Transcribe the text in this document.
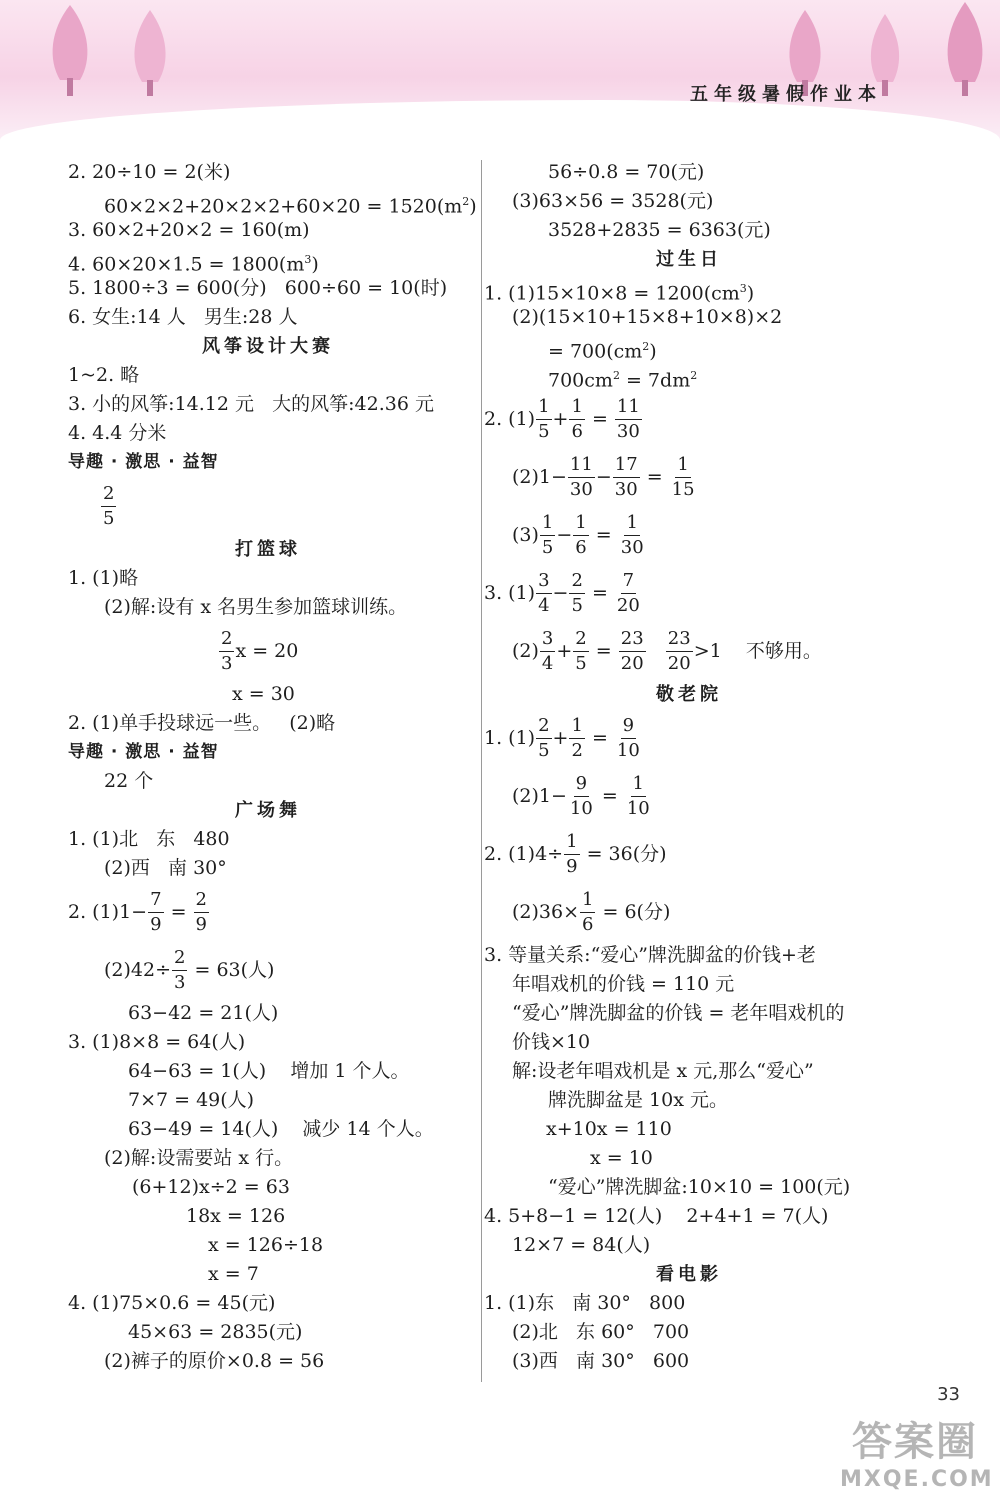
五年级暑假作业本
2. 20÷10 = 2(米)
$60\times 2\times 2+20\times 2\times 2+60\times 20 = 1520(m^2)$
3. 60×2+20×2 = 160(m)
4. $60\times 20\times 1.5 = 1800(m^3)$
5. 1800÷3 = 600(分)   600÷60 = 10(时)
6. 女生:14 人   男生:28 人
风筝设计大赛
1~2. 略
3. 小的风筝:14.12 元   大的风筝:42.36 元
4. 4.4 分米
导趣 · 激思 · 益智
2
5
打篮球
1. (1)略
(2)解:设有 x 名男生参加篮球训练。
2
3
x = 20
x = 30
2. (1)单手投球远一些。   (2)略
导趣 · 激思 · 益智
22 个
广场舞
1. (1)北   东   480
(2)西   南 30°
2. $(1)1- \frac{7}{9} = \frac{2}{9}$
$(2)42\div \frac{2}{3} = 63$(人)
63−42 = 21(人)
3. (1)8×8 = 64(人)
64−63 = 1(人)    增加 1 个人。
7×7 = 49(人)
63−49 = 14(人)    减少 14 个人。
(2)解:设需要站 x 行。
(6+12)x÷2 = 63
18x = 126
x = 126÷18
x = 7
4. (1)75×0.6 = 45(元)
45×63 = 2835(元)
(2)裤子的原价×0.8 = 56
56÷0.8 = 70(元)
(3)63×56 = 3528(元)
3528+2835 = 6363(元)
过生日
1. $(1)15\times 10\times 8 = 1200(cm^3)$
(2)(15×10+15×8+10×8)×2
= $700(cm^2)$
$700cm^2 = 7dm^2$
2. (1)
1
5
+ $\frac{1}{6} = \frac{11}{30}$
$(2)1- \frac{11}{30} - \frac{17}{30} = \frac{1}{15}$
(3)
1
5
− $\frac{1}{6} = \frac{1}{30}$
3. (1)
3
4
− $\frac{2}{5} = \frac{7}{20}$
(2)
3
4
+ $\frac{2}{5} = \frac{23}{20}$
23
20
>1    不够用。
敬老院
1. (1)
2
5
+ $\frac{1}{2} = \frac{9}{10}$
$(2)1- \frac{9}{10} = \frac{1}{10}$
2. $(1)4\div \frac{1}{9} = 36$(分)
$(2)36\times \frac{1}{6} = 6$(分)
3. 等量关系:“爱心”牌洗脚盆的价钱+老
年唱戏机的价钱 = 110 元
“爱心”牌洗脚盆的价钱 = 老年唱戏机的
价钱×10
解:设老年唱戏机是 x 元,那么“爱心”
牌洗脚盆是 10x 元。
x+10x = 110
x = 10
“爱心”牌洗脚盆:10×10 = 100(元)
4. 5+8−1 = 12(人)    2+4+1 = 7(人)
12×7 = 84(人)
看电影
1. (1)东   南 30°   800
(2)北   东 60°   700
(3)西   南 30°   600
33
答案圈
MXQE.COM
